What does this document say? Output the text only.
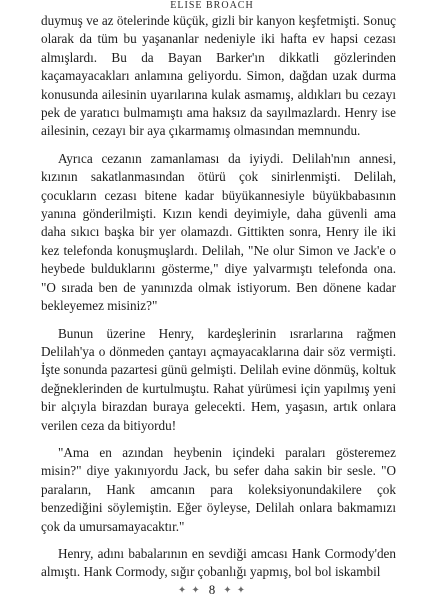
ELISE BROACH

duymuş ve az ötelerinde küçük, gizli bir kanyon keşfetmişti. Sonuç olarak da tüm bu yaşananlar nedeniyle iki hafta ev hapsi cezası almışlardı. Bu da Bayan Barker'ın dikkatli gözlerinden kaçamayacakları anlamına geliyordu. Simon, dağdan uzak durma konusunda ailesinin uyarılarına kulak asmamış, aldıkları bu cezayı pek de yaratıcı bulmamıştı ama haksız da sayılmazlardı. Henry ise ailesinin, cezayı bir aya çıkarmamış olmasından memnundu.

Ayrıca cezanın zamanlaması da iyiydi. Delilah'nın annesi, kızının sakatlanmasından ötürü çok sinirlenmişti. Delilah, çocukların cezası bitene kadar büyükannesiyle büyükbabasının yanına gönderilmişti. Kızın kendi deyimiyle, daha güvenli ama daha sıkıcı başka bir yer olamazdı. Gittikten sonra, Henry ile iki kez telefonda konuşmuşlardı. Delilah, "Ne olur Simon ve Jack'e o heybede bulduklarını gösterme," diye yalvarmıştı telefonda ona. "O sırada ben de yanınızda olmak istiyorum. Ben dönene kadar bekleyemez misiniz?"

Bunun üzerine Henry, kardeşlerinin ısrarlarına rağmen Delilah'ya o dönmeden çantayı açmayacaklarına dair söz vermişti. İşte sonunda pazartesi günü gelmişti. Delilah evine dönmüş, koltuk değneklerinden de kurtulmuştu. Rahat yürümesi için yapılmış yeni bir alçıyla birazdan buraya gelecekti. Hem, yaşasın, artık onlara verilen ceza da bitiyordu!

"Ama en azından heybenin içindeki paraları gösteremez misin?" diye yakınıyordu Jack, bu sefer daha sakin bir sesle. "O paraların, Hank amcanın para koleksiyonundakilere çok benzediğini söylemiştin. Eğer öyleyse, Delilah onlara bakmamızı çok da umursamayacaktır."

Henry, adını babalarının en sevdiği amcası Hank Cormody'den almıştı. Hank Cormody, sığır çobanlığı yapmış, bol bol iskambil

✦ ✦ 8 ✦ ✦
